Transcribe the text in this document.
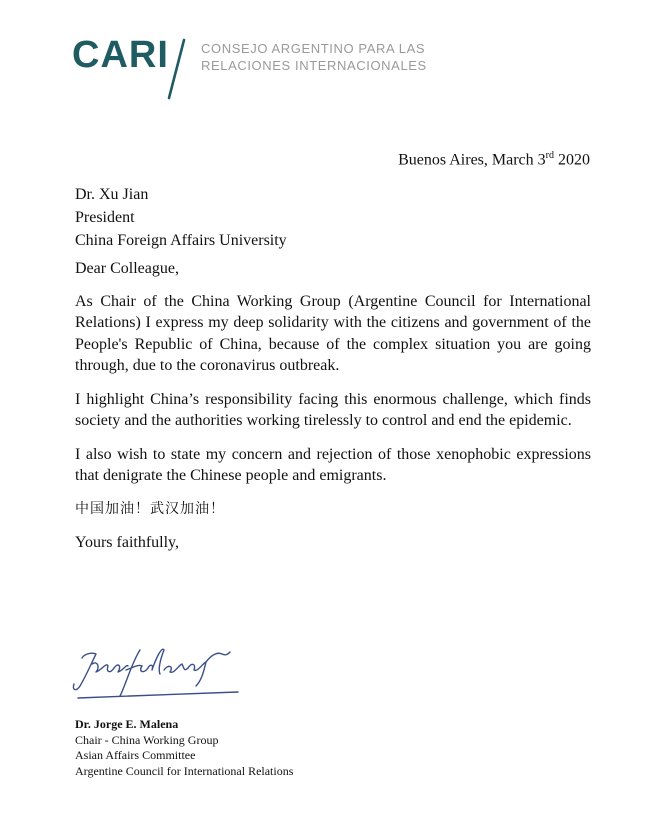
CARI CONSEJO ARGENTINO PARA LAS
RELACIONES INTERNACIONALES
Buenos Aires, March 3rd 2020
Dr. Xu Jian
President
China Foreign Affairs University

Dear Colleague,

As Chair of the China Working Group (Argentine Council for International Relations) I express my deep solidarity with the citizens and government of the People's Republic of China, because of the complex situation you are going through, due to the coronavirus outbreak.

I highlight China’s responsibility facing this enormous challenge, which finds society and the authorities working tirelessly to control and end the epidemic.

I also wish to state my concern and rejection of those xenophobic expressions that denigrate the Chinese people and emigrants.

中国加油！武汉加油！

Yours faithfully,

Dr. Jorge E. Malena
Chair - China Working Group
Asian Affairs Committee
Argentine Council for International Relations
